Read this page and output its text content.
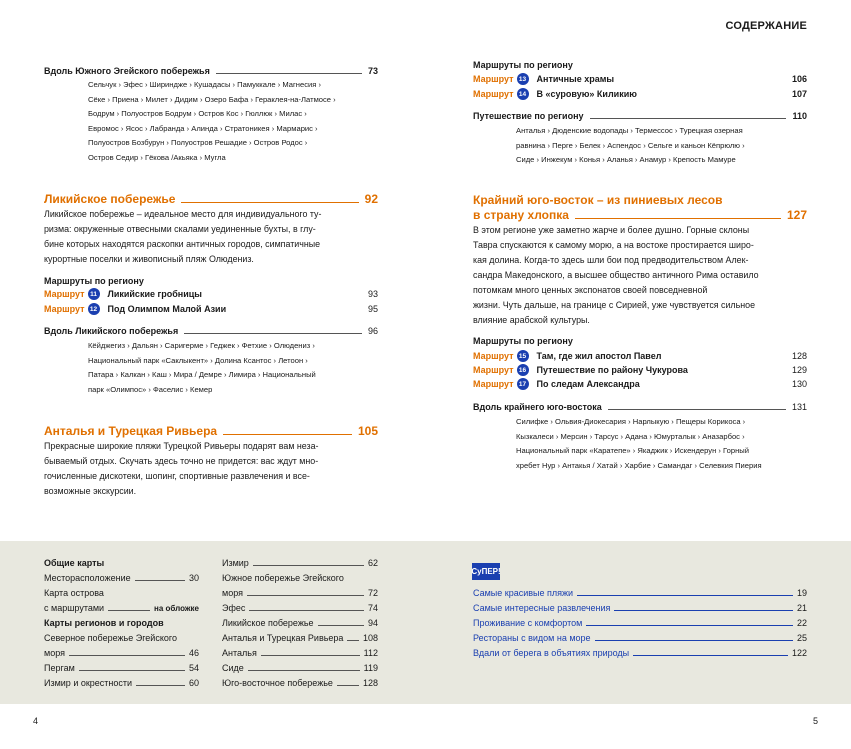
СОДЕРЖАНИЕ
Вдоль Южного Эгейского побережья	73
Сельчук › Эфес › Ширинджe › Кушадасы › Памуккале › Магнесия ›
Сёке › Приена › Милет › Дидим › Озеро Бафа › Гераклея-на-Латмосе ›
Бодрум › Полуостров Бодрум › Остров Кос › Гюллюк › Милас ›
Евромос › Ясос › Лабранда › Алинда › Стратоникея › Мармарис ›
Полуостров Бозбурун › Полуостров Решадие › Остров Родос ›
Остров Седир › Гёкова /Акьяка › Мугла
Ликийское побережье	92
Ликийское побережье – идеальное место для индивидуального ту-
ризма: окруженные отвесными скалами уединенные бухты, в глу-
бине которых находятся раскопки античных городов, симпатичные
курортные поселки и живописный пляж Олюдениз.
Маршруты по региону
Маршрут 11 Ликийские гробницы	93
Маршрут 12 Под Олимпом Малой Азии	95
Вдоль Ликийского побережья	96
Кёйджегиз › Дальян › Саригерме › Геджек › Фетхие › Олюдениз ›
Национальный парк «Саклыкент» › Долина Ксантос › Летоон ›
Патара › Калкан › Каш › Мира / Демре › Лимира › Национальный
парк «Олимпос» › Фаселис › Кемер
Анталья и Турецкая Ривьера	105
Прекрасные широкие пляжи Турецкой Ривьеры подарят вам неза-
бываемый отдых. Скучать здесь точно не придется: вас ждут мно-
гочисленные дискотеки, шопинг, спортивные развлечения и все-
возможные экскурсии.
Маршруты по региону
Маршрут 13 Античные храмы	106
Маршрут 14 В «суровую» Киликию	107
Путешествие по региону	110
Анталья › Дюденские водопады › Термессос › Турецкая озерная
равнина › Перге › Белек › Аспендос › Сельге и каньон Кёпрюлю ›
Сиде › Инжекум › Конья › Аланья › Анамур › Крепость Мамуре
Крайний юго-восток – из пиниевых лесов
в страну хлопка	127
В этом регионе уже заметно жарче и более душно. Горные склоны
Тавра спускаются к самому морю, а на востоке простирается широ-
кая долина. Когда-то здесь шли бои под предводительством Алек-
сандра Македонского, а высшее общество античного Рима оставило
потомкам много ценных экспонатов своей повседневной
жизни. Чуть дальше, на границе с Сирией, уже чувствуется сильное
влияние арабской культуры.
Маршруты по региону
Маршрут 15 Там, где жил апостол Павел	128
Маршрут 16 Путешествие по району Чукурова	129
Маршрут 17 По следам Александра	130
Вдоль крайнего юго-востока	131
Силифке › Ольвия-Диокесария › Нарлыкую › Пещеры Корикоса ›
Кызкалеси › Мерсин › Тарсус › Адана › Юмурталык › Аназарбос ›
Национальный парк «Каратепе» › Якаджик › Искендерун › Горный
хребет Нур › Антакья / Хатай › Харбие › Самандаг › Селевкия Пиерия
Общие карты
Месторасположение	30
Карта острова
с маршрутами	на обложке
Карты регионов и городов
Северное побережье Эгейского
моря	46
Пергам	54
Измир и окрестности	60
Измир	62
Южное побережье Эгейского
моря	72
Эфес	74
Ликийское побережье	94
Анталья и Турецкая Ривьера 108
Анталья	112
Сиде	119
Юго-восточное побережье	128
СуПЕР!
Самые красивые пляжи	19
Самые интересные развлечения	21
Проживание с комфортом	22
Рестораны с видом на море	25
Вдали от берега в объятиях природы	122
4	5
